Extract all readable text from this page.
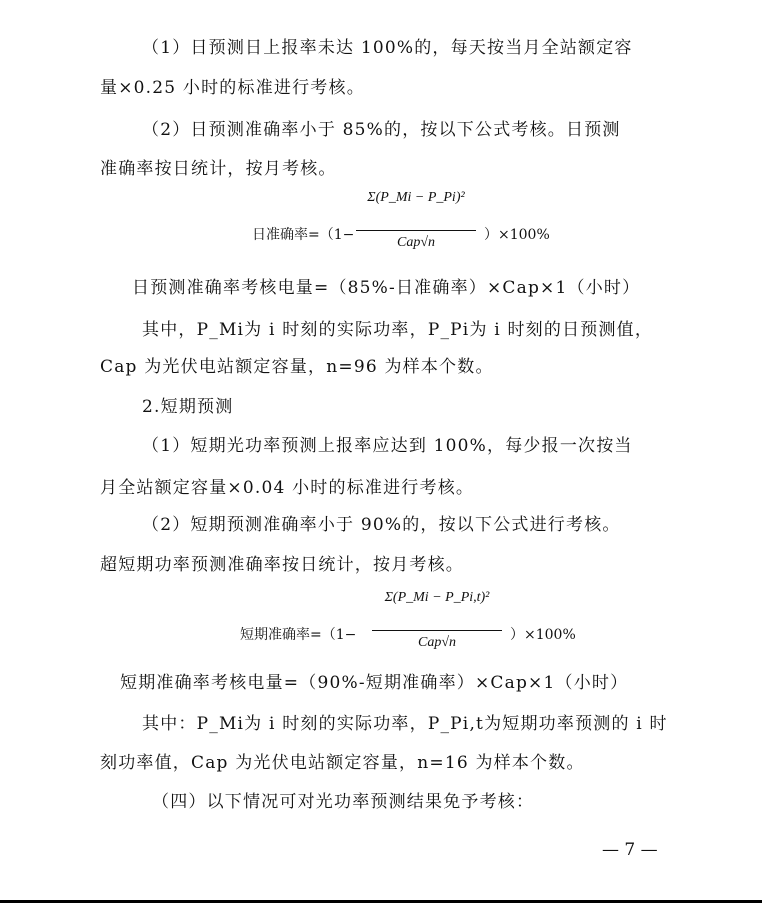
（1）日预测日上报率未达 100%的，每天按当月全站额定容
量×0.25 小时的标准进行考核。
（2）日预测准确率小于 85%的，按以下公式考核。日预测
准确率按日统计，按月考核。
日准确率=（1−
Σ(P_Mi − P_Pi)²
Cap√n	）×100%
日预测准确率考核电量=（85%-日准确率）×Cap×1（小时）
其中，P_Mi为 i 时刻的实际功率，P_Pi为 i 时刻的日预测值，
Cap 为光伏电站额定容量，n=96 为样本个数。
2.短期预测
（1）短期光功率预测上报率应达到 100%，每少报一次按当
月全站额定容量×0.04 小时的标准进行考核。
（2）短期预测准确率小于 90%的，按以下公式进行考核。
超短期功率预测准确率按日统计，按月考核。
短期准确率=（1−
Σ(P_Mi − P_Pi,t)²
Cap√n	）×100%
短期准确率考核电量=（90%-短期准确率）×Cap×1（小时）
其中：P_Mi为 i 时刻的实际功率，P_Pi,t为短期功率预测的 i 时
刻功率值，Cap 为光伏电站额定容量，n=16 为样本个数。
（四）以下情况可对光功率预测结果免予考核：
— 7 —
